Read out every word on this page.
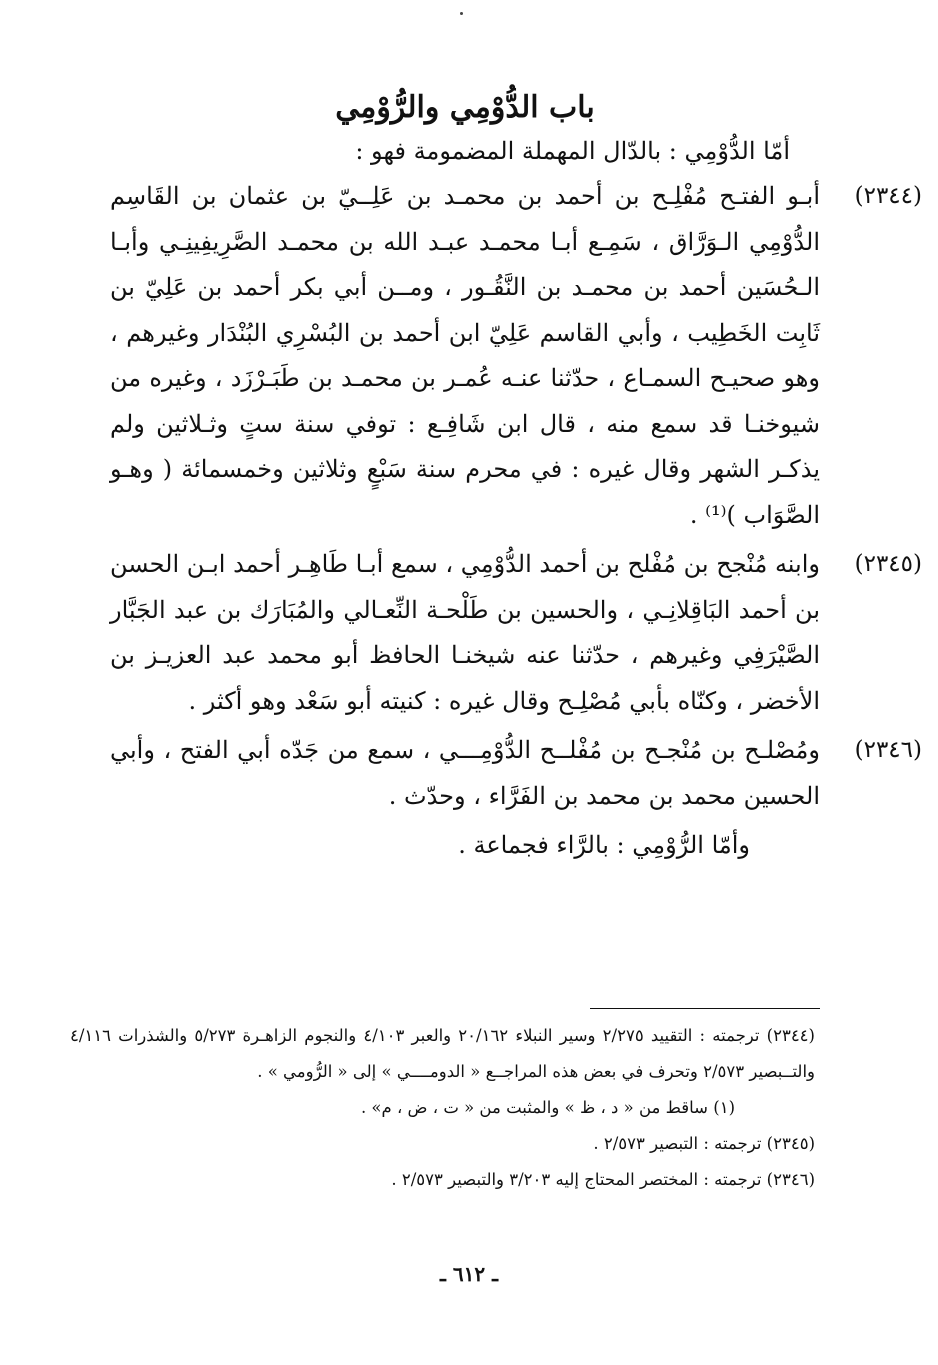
باب الدُّوْمِي والرُّوْمِي
أمّا الدُّوْمِي : بالدّال المهملة المضمومة فهو :
(٢٣٤٤)
أبـو الفتـح مُفْلِـح بن أحمد بن محمـد بن عَلِــيّ بن عثمان بن القَاسِم الدُّوْمِي الـوَرَّاق ، سَمِـع أبـا محمـد عبـد الله بن محمـد الصَّرِيفِينِـي وأبـا الـحُسَين أحمد بن محمـد بن النَّقُـور ، ومــن أبي بكر أحمد بن عَلِيّ بن ثَابِت الخَطِيب ، وأبي القاسم عَلِيّ ابن أحمد بن البُسْرِي البُنْدَار وغيرهم ، وهو صحيـح السمـاع ، حدّثنا عنـه عُمـر بن محمـد بن طَبَـرْزَد ، وغيره من شيوخنـا قد سمع منه ، قال ابن شَافِـع : توفي سنة ستٍ وثـلاثين ولم يذكـر الشهر وقال غيره : في محرم سنة سَبْعٍ وثلاثين وخمسمائة ( وهـو الصَّوَاب )⁽¹⁾ .
(٢٣٤٥)
وابنه مُنْجح بن مُفْلح بن أحمد الدُّوْمِي ، سمع أبـا طَاهِـر أحمد ابـن الحسن بن أحمد البَاقِلانِـي ، والحسين بن طَلْحـة النِّعـالي والمُبَارَك بن عبد الجَبَّار الصَّيْرَفِي وغيرهم ، حدّثنا عنه شيخنـا الحافظ أبو محمد عبد العزيـز بن الأخضر ، وكنّاه بأبي مُصْلِـح وقال غيره : كنيته أبو سَعْد وهو أكثر .
(٢٣٤٦)
ومُصْلـح بن مُنْجـح بن مُفْلــح الدُّوْمِـــي ، سمع من جَدّه أبي الفتح ، وأبي الحسين محمد بن محمد بن الفَرَّاء ، وحدّث .
وأمّا الرُّوْمِي : بالرَّاء فجماعة .

(٢٣٤٤) ترجمته : التقييد ٢/٢٧٥ وسير النبلاء ٢٠/١٦٢ والعبر ٤/١٠٣ والنجوم الزاهـرة ٥/٢٧٣ والشذرات ٤/١١٦ والتــبصير ٢/٥٧٣ وتحرف في بعض هذه المراجــع « الدومــــي » إلى « الرُّومي » .

(١) ساقط من « د ، ظ » والمثبت من « ت ، ض ، م» .

(٢٣٤٥) ترجمته : التبصير ٢/٥٧٣ .

(٢٣٤٦) ترجمته : المختصر المحتاج إليه ٣/٢٠٣ والتبصير ٢/٥٧٣ .

ـ ٦١٢ ـ
